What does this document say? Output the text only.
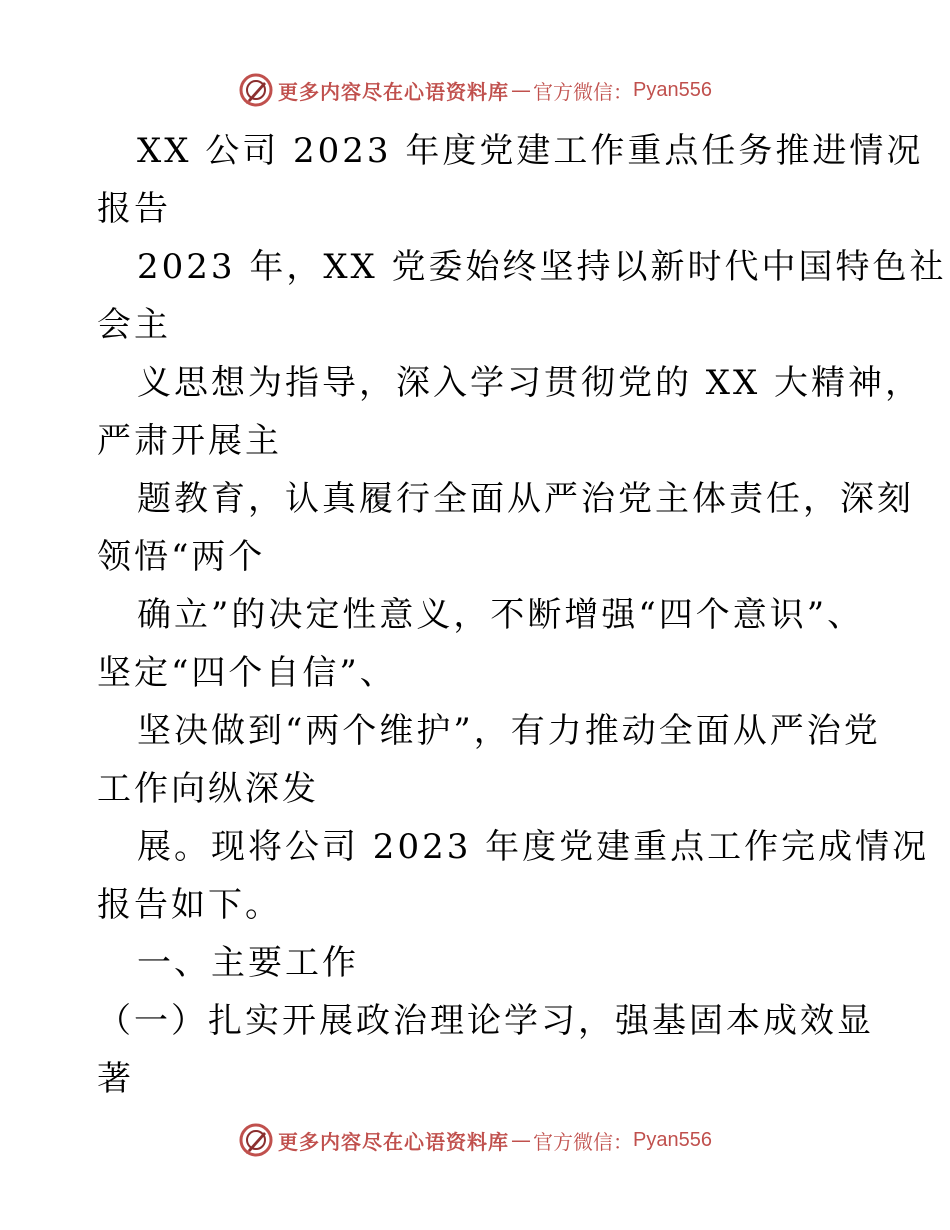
更多内容尽在心语资料库 — 官方微信： Pyan556
XX 公司 2023 年度党建工作重点任务推进情况
报告
2023 年，XX 党委始终坚持以新时代中国特色社
会主
义思想为指导，深入学习贯彻党的 XX 大精神，
严肃开展主
题教育，认真履行全面从严治党主体责任，深刻
领悟“两个
确立”的决定性意义，不断增强“四个意识”、
坚定“四个自信”、
坚决做到“两个维护”，有力推动全面从严治党
工作向纵深发
展。现将公司 2023 年度党建重点工作完成情况
报告如下。
一、主要工作
（一）扎实开展政治理论学习，强基固本成效显
著
更多内容尽在心语资料库 — 官方微信： Pyan556
